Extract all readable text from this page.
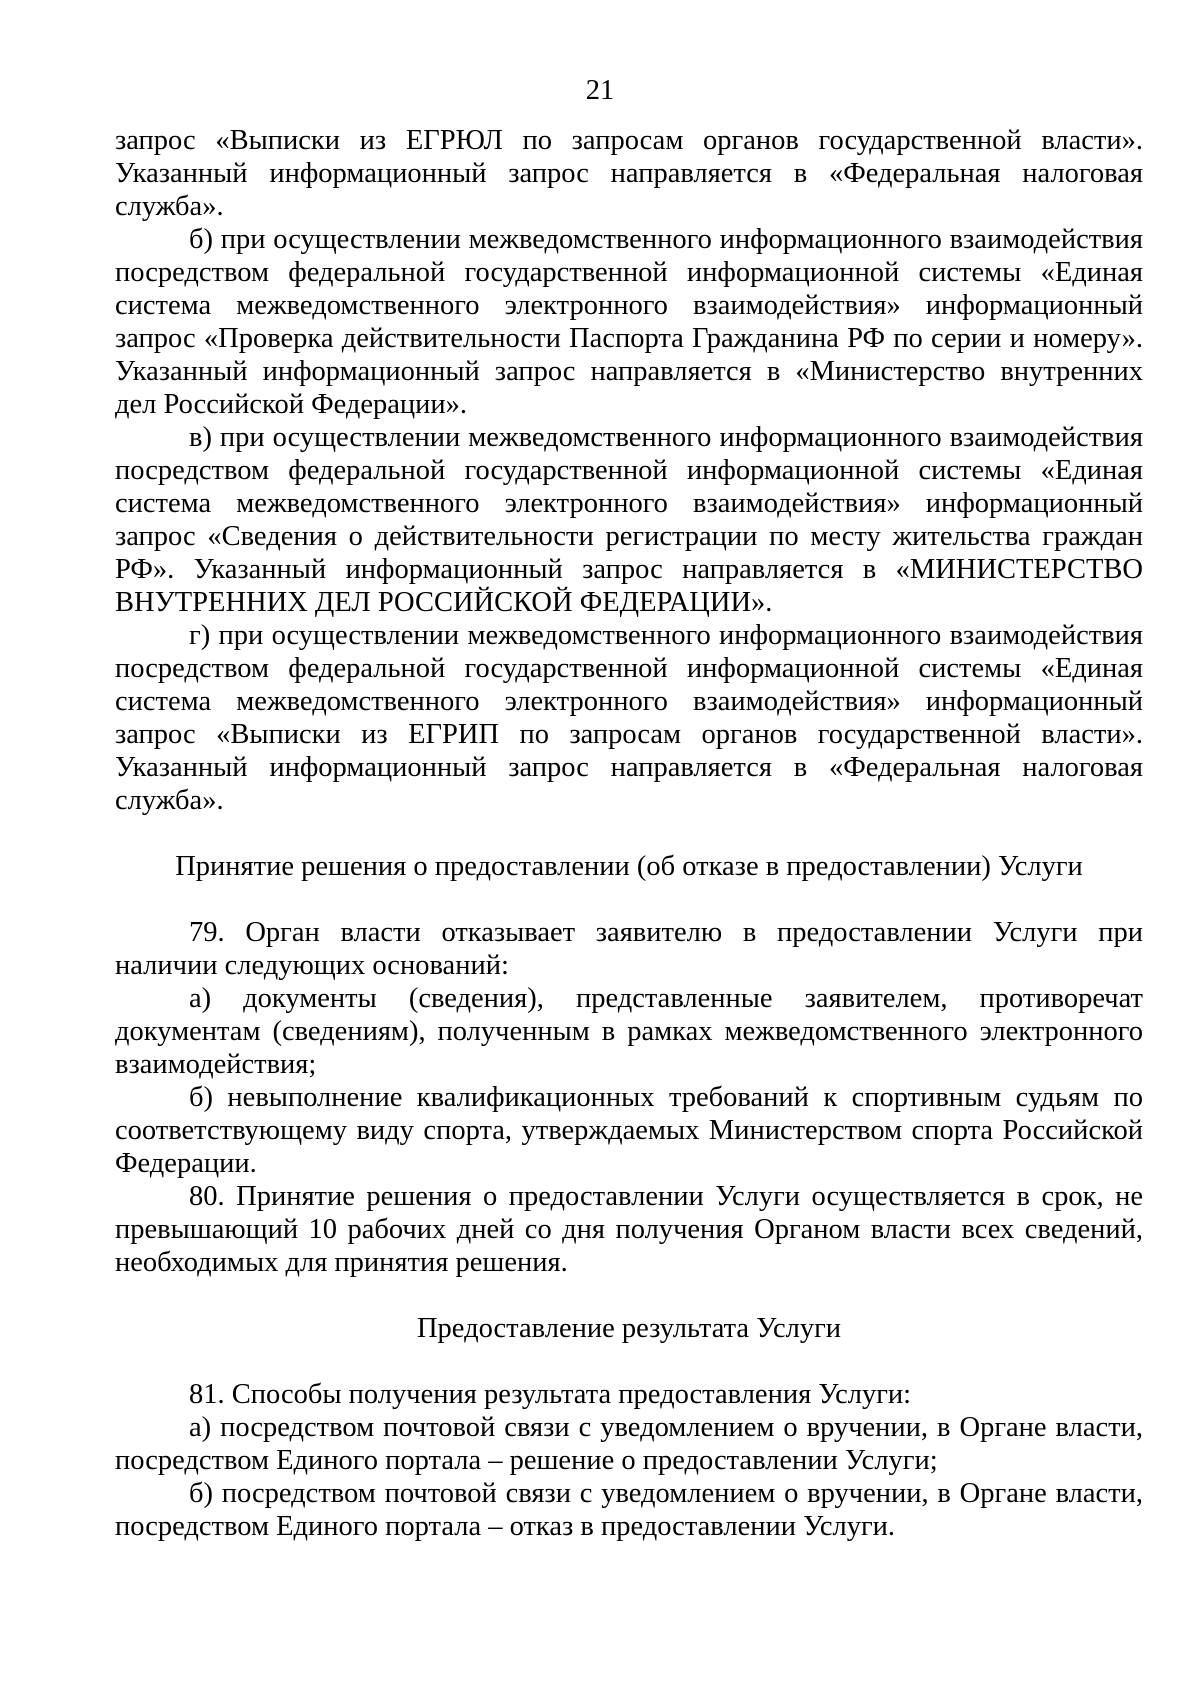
21

запрос «Выписки из ЕГРЮЛ по запросам органов государственной власти». Указанный информационный запрос направляется в «Федеральная налоговая служба».

б) при осуществлении межведомственного информационного взаимодействия посредством федеральной государственной информационной системы «Единая система межведомственного электронного взаимодействия» информационный запрос «Проверка действительности Паспорта Гражданина РФ по серии и номеру». Указанный информационный запрос направляется в «Министерство внутренних дел Российской Федерации».

в) при осуществлении межведомственного информационного взаимодействия посредством федеральной государственной информационной системы «Единая система межведомственного электронного взаимодействия» информационный запрос «Сведения о действительности регистрации по месту жительства граждан РФ». Указанный информационный запрос направляется в «МИНИСТЕРСТВО ВНУТРЕННИХ ДЕЛ РОССИЙСКОЙ ФЕДЕРАЦИИ».

г) при осуществлении межведомственного информационного взаимодействия посредством федеральной государственной информационной системы «Единая система межведомственного электронного взаимодействия» информационный запрос «Выписки из ЕГРИП по запросам органов государственной власти». Указанный информационный запрос направляется в «Федеральная налоговая служба».

Принятие решения о предоставлении (об отказе в предоставлении) Услуги

79. Орган власти отказывает заявителю в предоставлении Услуги при наличии следующих оснований:

а) документы (сведения), представленные заявителем, противоречат документам (сведениям), полученным в рамках межведомственного электронного взаимодействия;

б) невыполнение квалификационных требований к спортивным судьям по соответствующему виду спорта, утверждаемых Министерством спорта Российской Федерации.

80. Принятие решения о предоставлении Услуги осуществляется в срок, не превышающий 10 рабочих дней со дня получения Органом власти всех сведений, необходимых для принятия решения.

Предоставление результата Услуги

81. Способы получения результата предоставления Услуги:

а) посредством почтовой связи с уведомлением о вручении, в Органе власти, посредством Единого портала – решение о предоставлении Услуги;

б) посредством почтовой связи с уведомлением о вручении, в Органе власти, посредством Единого портала – отказ в предоставлении Услуги.
